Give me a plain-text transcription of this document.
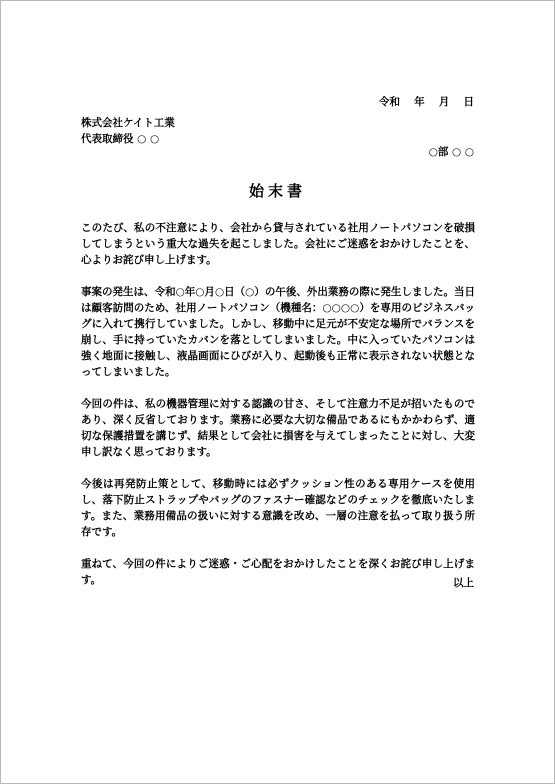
令和　 年　 月　 日
株式会社ケイト工業
代表取締役 ○ ○
○部 ○ ○
始末書

このたび、私の不注意により、会社から貸与されている社用ノートパソコンを破損してしまうという重大な過失を起こしました。会社にご迷惑をおかけしたことを、心よりお詫び申し上げます。

事案の発生は、令和○年○月○日（○）の午後、外出業務の際に発生しました。当日は顧客訪問のため、社用ノートパソコン（機種名：○○○○）を専用のビジネスバッグに入れて携行していました。しかし、移動中に足元が不安定な場所でバランスを崩し、手に持っていたカバンを落としてしまいました。中に入っていたパソコンは強く地面に接触し、液晶画面にひびが入り、起動後も正常に表示されない状態となってしまいました。

今回の件は、私の機器管理に対する認識の甘さ、そして注意力不足が招いたものであり、深く反省しております。業務に必要な大切な備品であるにもかかわらず、適切な保護措置を講じず、結果として会社に損害を与えてしまったことに対し、大変申し訳なく思っております。

今後は再発防止策として、移動時には必ずクッション性のある専用ケースを使用し、落下防止ストラップやバッグのファスナー確認などのチェックを徹底いたします。また、業務用備品の扱いに対する意識を改め、一層の注意を払って取り扱う所存です。

重ねて、今回の件によりご迷惑・ご心配をおかけしたことを深くお詫び申し上げます。	以上
